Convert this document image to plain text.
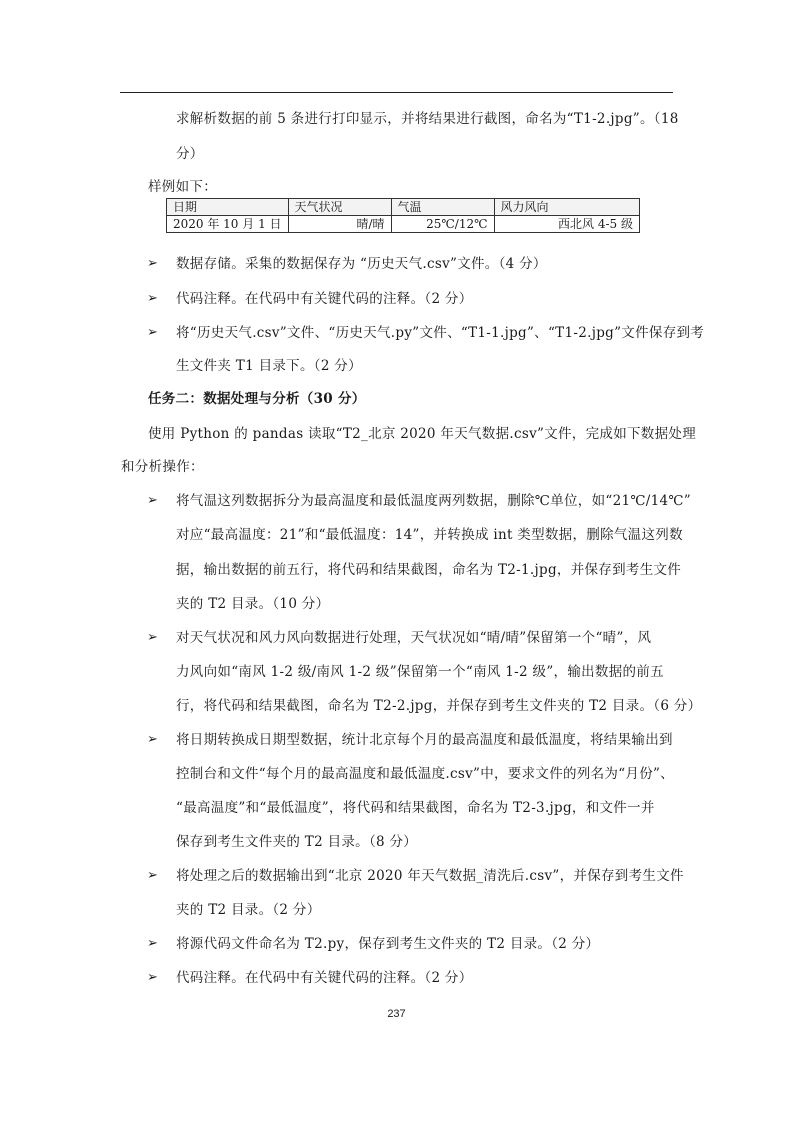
求解析数据的前 5 条进行打印显示，并将结果进行截图，命名为“T1-2.jpg”。（18
分）
样例如下：
日期	天气状况	气温	风力风向
2020 年 10 月 1 日	晴/晴	25℃/12℃	西北风 4-5 级
➢ 数据存储。采集的数据保存为 “历史天气.csv”文件。（4 分）
➢ 代码注释。在代码中有关键代码的注释。（2 分）
➢ 将“历史天气.csv”文件、“历史天气.py”文件、“T1-1.jpg”、“T1-2.jpg”文件保存到考
生文件夹 T1 目录下。（2 分）
任务二：数据处理与分析（30 分）
使用 Python 的 pandas 读取“T2_北京 2020 年天气数据.csv”文件，完成如下数据处理
和分析操作：
➢ 将气温这列数据拆分为最高温度和最低温度两列数据，删除℃单位，如“21℃/14℃”
对应“最高温度：21”和“最低温度：14”，并转换成 int 类型数据，删除气温这列数
据，输出数据的前五行，将代码和结果截图，命名为 T2-1.jpg，并保存到考生文件
夹的 T2 目录。（10 分）
➢ 对天气状况和风力风向数据进行处理，天气状况如“晴/晴”保留第一个“晴”，风
力风向如“南风 1-2 级/南风 1-2 级”保留第一个“南风 1-2 级”，输出数据的前五
行，将代码和结果截图，命名为 T2-2.jpg，并保存到考生文件夹的 T2 目录。（6 分）
➢ 将日期转换成日期型数据，统计北京每个月的最高温度和最低温度，将结果输出到
控制台和文件“每个月的最高温度和最低温度.csv”中，要求文件的列名为“月份”、
“最高温度”和“最低温度”，将代码和结果截图，命名为 T2-3.jpg，和文件一并
保存到考生文件夹的 T2 目录。（8 分）
➢ 将处理之后的数据输出到“北京 2020 年天气数据_清洗后.csv”，并保存到考生文件
夹的 T2 目录。（2 分）
➢ 将源代码文件命名为 T2.py，保存到考生文件夹的 T2 目录。（2 分）
➢ 代码注释。在代码中有关键代码的注释。（2 分）
237
